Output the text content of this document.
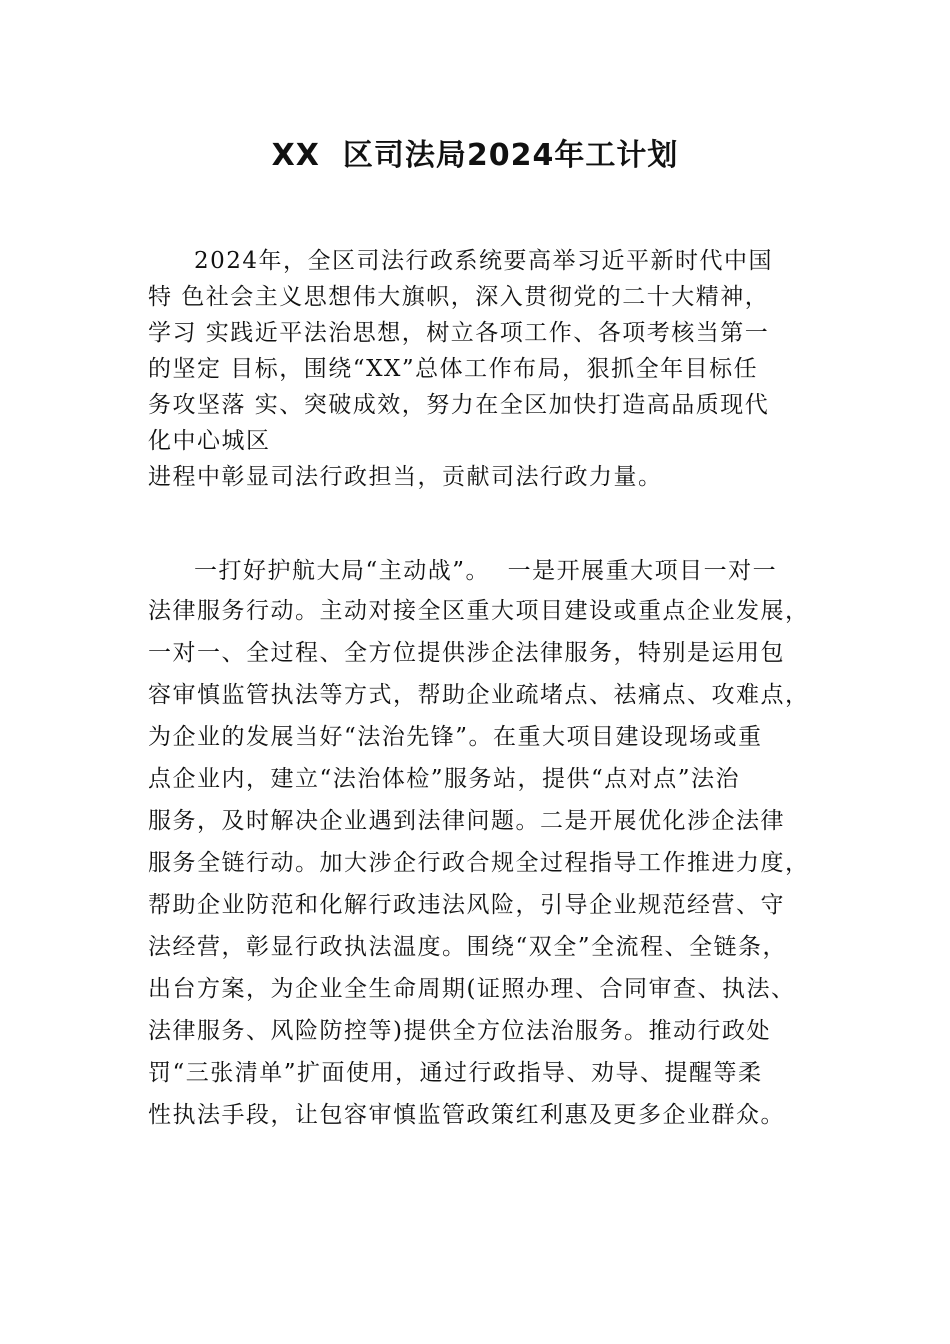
XX  区司法局2024年工计划
2024年，全区司法行政系统要高举习近平新时代中国
特 色社会主义思想伟大旗帜，深入贯彻党的二十大精神，
学习 实践近平法治思想，树立各项工作、各项考核当第一
的坚定 目标，围绕“XX”总体工作布局，狠抓全年目标任
务攻坚落 实、突破成效，努力在全区加快打造高品质现代
化中心城区
进程中彰显司法行政担当，贡献司法行政力量。
一打好护航大局“主动战”。  一是开展重大项目一对一
法律服务行动。主动对接全区重大项目建设或重点企业发展，
一对一、全过程、全方位提供涉企法律服务，特别是运用包
容审慎监管执法等方式，帮助企业疏堵点、祛痛点、攻难点，
为企业的发展当好“法治先锋”。在重大项目建设现场或重
点企业内，建立“法治体检”服务站，提供“点对点”法治
服务，及时解决企业遇到法律问题。二是开展优化涉企法律
服务全链行动。加大涉企行政合规全过程指导工作推进力度，
帮助企业防范和化解行政违法风险，引导企业规范经营、守
法经营，彰显行政执法温度。围绕“双全”全流程、全链条，
出台方案，为企业全生命周期(证照办理、合同审查、执法、
法律服务、风险防控等)提供全方位法治服务。推动行政处
罚“三张清单”扩面使用，通过行政指导、劝导、提醒等柔
性执法手段，让包容审慎监管政策红利惠及更多企业群众。
